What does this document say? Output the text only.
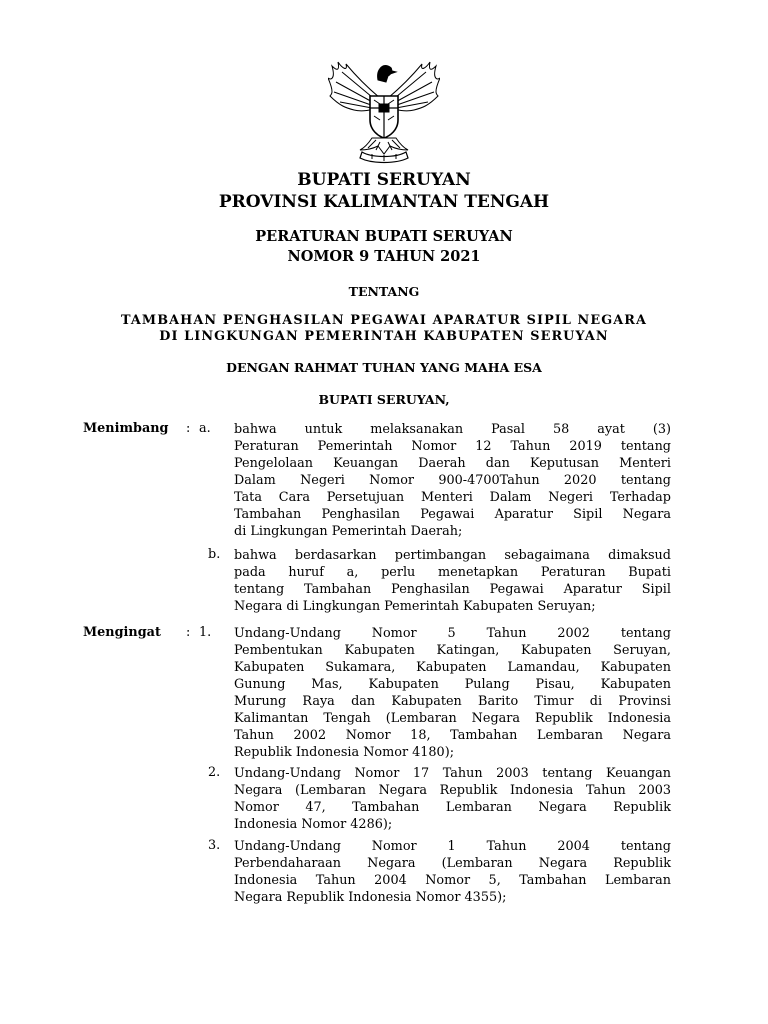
BUPATI SERUYAN
PROVINSI KALIMANTAN TENGAH
PERATURAN BUPATI SERUYAN
NOMOR 9 TAHUN 2021
TENTANG
TAMBAHAN PENGHASILAN PEGAWAI APARATUR SIPIL NEGARA
DI LINGKUNGAN PEMERINTAH KABUPATEN SERUYAN
DENGAN RAHMAT TUHAN YANG MAHA ESA
BUPATI SERUYAN,
Menimbang : a. bahwa untuk melaksanakan Pasal 58 ayat (3)
Peraturan Pemerintah Nomor 12 Tahun 2019 tentang
Pengelolaan Keuangan Daerah dan Keputusan Menteri
Dalam Negeri Nomor 900-4700Tahun 2020 tentang
Tata Cara Persetujuan Menteri Dalam Negeri Terhadap
Tambahan Penghasilan Pegawai Aparatur Sipil Negara
di Lingkungan Pemerintah Daerah;
b. bahwa berdasarkan pertimbangan sebagaimana dimaksud
pada huruf a, perlu menetapkan Peraturan Bupati
tentang Tambahan Penghasilan Pegawai Aparatur Sipil
Negara di Lingkungan Pemerintah Kabupaten Seruyan;
Mengingat : 1. Undang-Undang Nomor 5 Tahun 2002 tentang
Pembentukan Kabupaten Katingan, Kabupaten Seruyan,
Kabupaten Sukamara, Kabupaten Lamandau, Kabupaten
Gunung Mas, Kabupaten Pulang Pisau, Kabupaten
Murung Raya dan Kabupaten Barito Timur di Provinsi
Kalimantan Tengah (Lembaran Negara Republik Indonesia
Tahun 2002 Nomor 18, Tambahan Lembaran Negara
Republik Indonesia Nomor 4180);
2. Undang-Undang Nomor 17 Tahun 2003 tentang Keuangan
Negara (Lembaran Negara Republik Indonesia Tahun 2003
Nomor 47, Tambahan Lembaran Negara Republik
Indonesia Nomor 4286);
3. Undang-Undang Nomor 1 Tahun 2004 tentang
Perbendaharaan Negara (Lembaran Negara Republik
Indonesia Tahun 2004 Nomor 5, Tambahan Lembaran
Negara Republik Indonesia Nomor 4355);
